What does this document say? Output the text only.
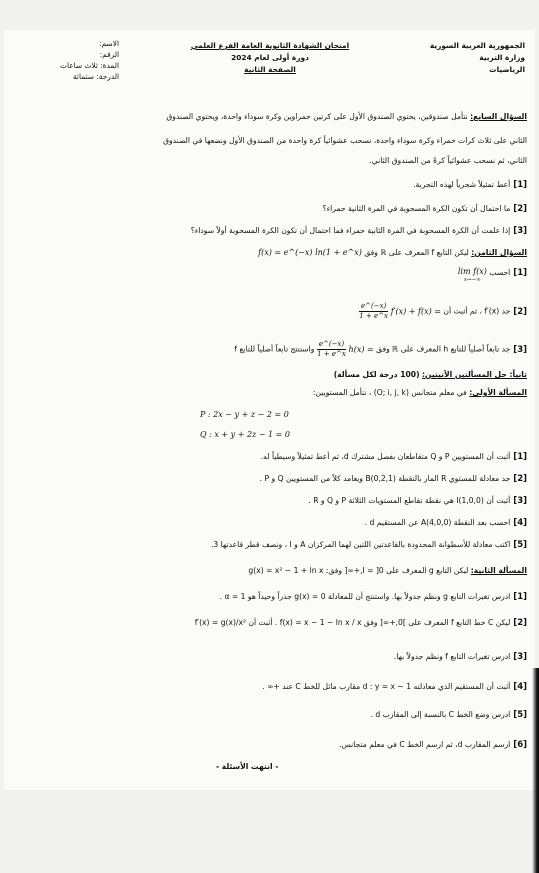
الجمهورية العربية السورية
وزارة التربية
الرياضيات
امتحان الشهادة الثانوية العامة الفرع العلمي
دورة أولى لعام 2024
الصفحة الثانية
الاسم:
الرقم:
المدة: ثلاث ساعات
الدرجة: ستمائة
السؤال السابع: نتأمل صندوقين، يحتوي الصندوق الأول على كرتين حمراوين وكرة سوداء واحدة، ويحتوي الصندوق
الثاني على ثلاث كرات حمراء وكرة سوداء واحدة، نسحب عشوائياً كرة واحدة من الصندوق الأول ونضعها في الصندوق
الثاني، ثم نسحب عشوائياً كرةً من الصندوق الثاني.
[1]أعط تمثيلاً شجرياً لهذه التجربة.
[2]ما احتمال أن تكون الكرة المسحوبة في المرة الثانية حمراء؟
[3]إذا علمت أن الكرة المسحوبة في المرة الثانية حمراء فما احتمال أن تكون الكرة المسحوبة أولاً سوداء؟
السؤال الثامن: ليكن التابع f المعرف على ℝ وفق f(x) = e^(−x) ln(1 + e^x)
[1]احسب lim f(x)
x→−∞
[2]جد f′(x) ، ثم أثبت أن f′(x) + f(x) =
$\frac{e\^{}(-x)}{1 + e\^{}x}$
[3]جد تابعاً أصلياً للتابع h المعرف على ℝ وفق h(x) =
$\frac{e\^{}(-x)}{1 + e\^{}x}$
واستنتج تابعاً أصلياً للتابع f
ثانياً: حل المسألتين الآتيتين: (100 درجة لكل مسألة)
المسألة الأولى: في معلم متجانس (O; i, j, k) ، نتأمل المستويين:
P : 2x − y + z − 2 = 0
Q : x + y + 2z − 1 = 0
[1]أثبت أن المستويين P و Q متقاطعان بفصل مشترك d، ثم أعط تمثيلاً وسيطياً له.
[2]جد معادلة للمستوي R المار بالنقطة B(0,2,1) ويعامد كلاً من المستويين Q و P .
[3]أثبت أن I(1,0,0) هي نقطة تقاطع المستويات الثلاثة P و Q و R .
[4]احسب بعد النقطة A(4,0,0) عن المستقيم d .
[5]اكتب معادلة للأسطوانة المحدودة بالقاعدتين اللتين لهما المركزان A و I ، ونصف قطر قاعدتها 3.
المسألة الثانية: ليكن التابع g المعرف على I = ]0,+∞[ وفق: g(x) = x² − 1 + ln x
[1]ادرس تغيرات التابع g ونظم جدولاً بها. واستنتج أن للمعادلة g(x) = 0 جذراً وحيداً هو α = 1 .
[2]ليكن C خط التابع f المعرف على ]0,+∞[ وفق f(x) = x − 1 − ln x / x . أثبت أن f′(x) = g(x)/x²
[3]ادرس تغيرات التابع f ونظم جدولاً بها.
[4]أثبت أن المستقيم الذي معادلته d : y = x − 1 مقارب مائل للخط C عند +∞ .
[5]ادرس وضع الخط C بالنسبة إلى المقارب d .
[6]ارسم المقارب d، ثم ارسم الخط C في معلم متجانس.
- انتهت الأسئلة -
